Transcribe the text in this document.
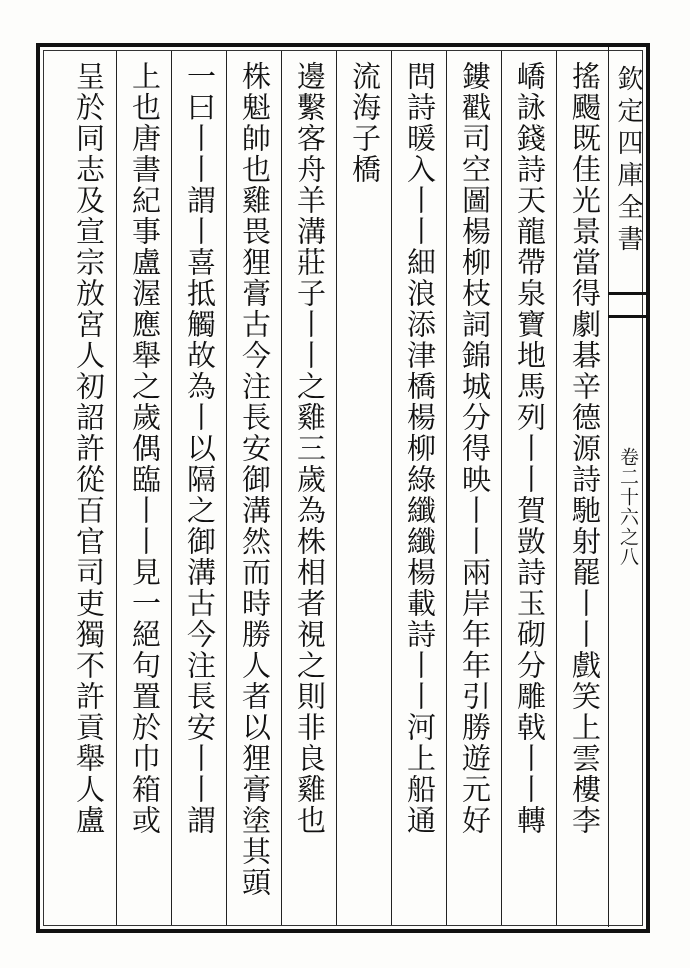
搖颺既佳光景當得劇碁辛德源詩馳射罷丨丨戲笑上雲樓李
嶠詠錢詩天龍帶泉寶地馬列丨丨賀敳詩玉砌分雕戟丨丨轉
鏤戳司空圖楊柳枝詞錦城分得映丨丨兩岸年年引勝遊元好
問詩暖入丨丨細浪添津橋楊柳綠纖纖楊載詩丨丨河上船通
流海子橋
邊繫客舟羊溝莊子丨丨之雞三歲為株相者視之則非良雞也
株魁帥也雞畏狸膏古今注長安御溝然而時勝人者以狸膏塗其頭
一曰丨丨謂丨喜抵觸故為丨以隔之御溝古今注長安丨丨謂
上也唐書紀事盧渥應舉之歲偶臨丨丨見一絕句置於巾箱或
呈於同志及宣宗放宮人初詔許從百官司吏獨不許貢舉人盧	欽定四庫全書
卷二十六之八
